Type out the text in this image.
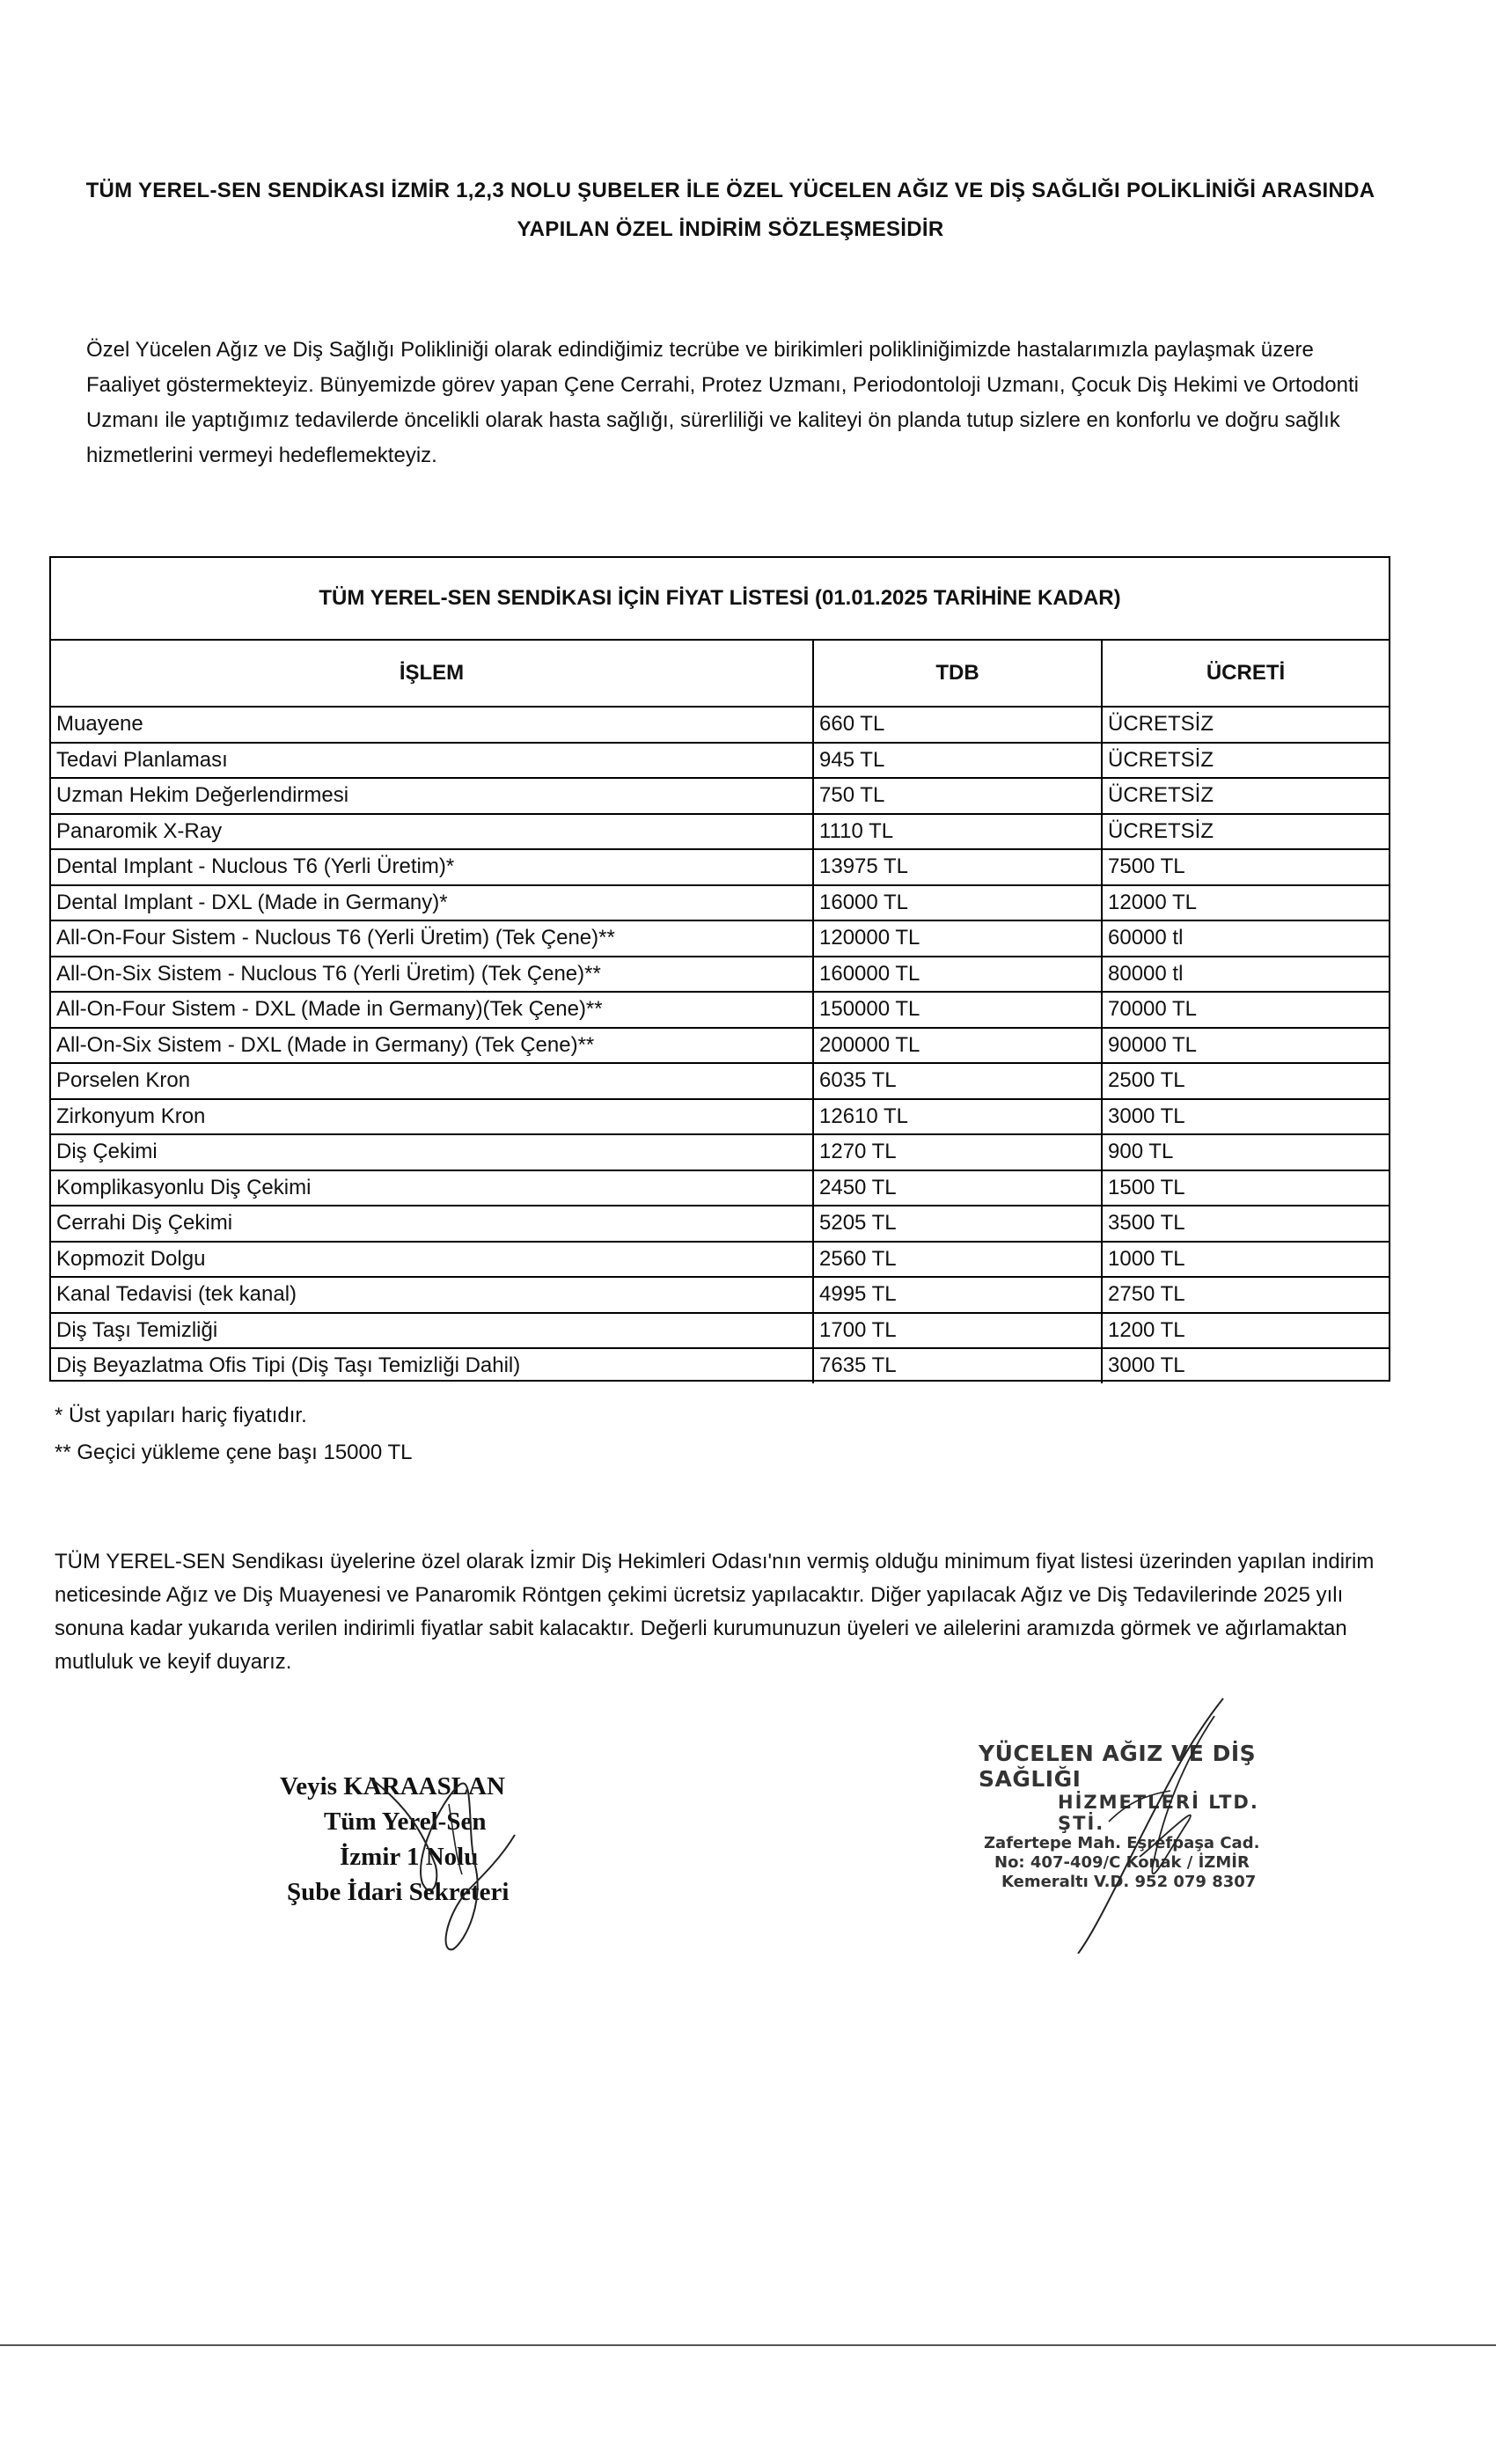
TÜM YEREL-SEN SENDİKASI İZMİR 1,2,3 NOLU ŞUBELER İLE ÖZEL YÜCELEN AĞIZ VE DİŞ SAĞLIĞI POLİKLİNİĞİ ARASINDA
YAPILAN ÖZEL İNDİRİM SÖZLEŞMESİDİR
Özel Yücelen Ağız ve Diş Sağlığı Polikliniği olarak edindiğimiz tecrübe ve birikimleri polikliniğimizde hastalarımızla paylaşmak üzere Faaliyet göstermekteyiz. Bünyemizde görev yapan Çene Cerrahi, Protez Uzmanı, Periodontoloji Uzmanı, Çocuk Diş Hekimi ve Ortodonti Uzmanı ile yaptığımız tedavilerde öncelikli olarak hasta sağlığı, sürerliliği ve kaliteyi ön planda tutup sizlere en konforlu ve doğru sağlık hizmetlerini vermeyi hedeflemekteyiz.
TÜM YEREL-SEN SENDİKASI İÇİN FİYAT LİSTESİ (01.01.2025 TARİHİNE KADAR)
İŞLEM	TDB	ÜCRETİ
Muayene	660 TL	ÜCRETSİZ
Tedavi Planlaması	945 TL	ÜCRETSİZ
Uzman Hekim Değerlendirmesi	750 TL	ÜCRETSİZ
Panaromik X-Ray	1110 TL	ÜCRETSİZ
Dental Implant - Nuclous T6 (Yerli Üretim)*	13975 TL	7500 TL
Dental Implant - DXL (Made in Germany)*	16000 TL	12000 TL
All-On-Four Sistem - Nuclous T6 (Yerli Üretim) (Tek Çene)**	120000 TL	60000 tl
All-On-Six Sistem - Nuclous T6 (Yerli Üretim) (Tek Çene)**	160000 TL	80000 tl
All-On-Four Sistem - DXL (Made in Germany)(Tek Çene)**	150000 TL	70000 TL
All-On-Six Sistem - DXL (Made in Germany) (Tek Çene)**	200000 TL	90000 TL
Porselen Kron	6035 TL	2500 TL
Zirkonyum Kron	12610 TL	3000 TL
Diş Çekimi	1270 TL	900 TL
Komplikasyonlu Diş Çekimi	2450 TL	1500 TL
Cerrahi Diş Çekimi	5205 TL	3500 TL
Kopmozit Dolgu	2560 TL	1000 TL
Kanal Tedavisi (tek kanal)	4995 TL	2750 TL
Diş Taşı Temizliği	1700 TL	1200 TL
Diş Beyazlatma Ofis Tipi (Diş Taşı Temizliği Dahil)	7635 TL	3000 TL
* Üst yapıları hariç fiyatıdır.
** Geçici yükleme çene başı 15000 TL
TÜM YEREL-SEN Sendikası üyelerine özel olarak İzmir Diş Hekimleri Odası'nın vermiş olduğu minimum fiyat listesi üzerinden yapılan indirim neticesinde Ağız ve Diş Muayenesi ve Panaromik Röntgen çekimi ücretsiz yapılacaktır. Diğer yapılacak Ağız ve Diş Tedavilerinde 2025 yılı sonuna kadar yukarıda verilen indirimli fiyatlar sabit kalacaktır. Değerli kurumunuzun üyeleri ve ailelerini aramızda görmek ve ağırlamaktan mutluluk ve keyif duyarız.
Veyis KARAASLAN
Tüm Yerel-Sen
İzmir 1 Nolu
Şube İdari Sekreteri
YÜCELEN AĞIZ VE DİŞ SAĞLIĞI
HİZMETLERİ LTD. ŞTİ.
Zafertepe Mah. Eşrefpaşa Cad.
No: 407-409/C Konak / İZMİR
Kemeraltı V.D. 952 079 8307
